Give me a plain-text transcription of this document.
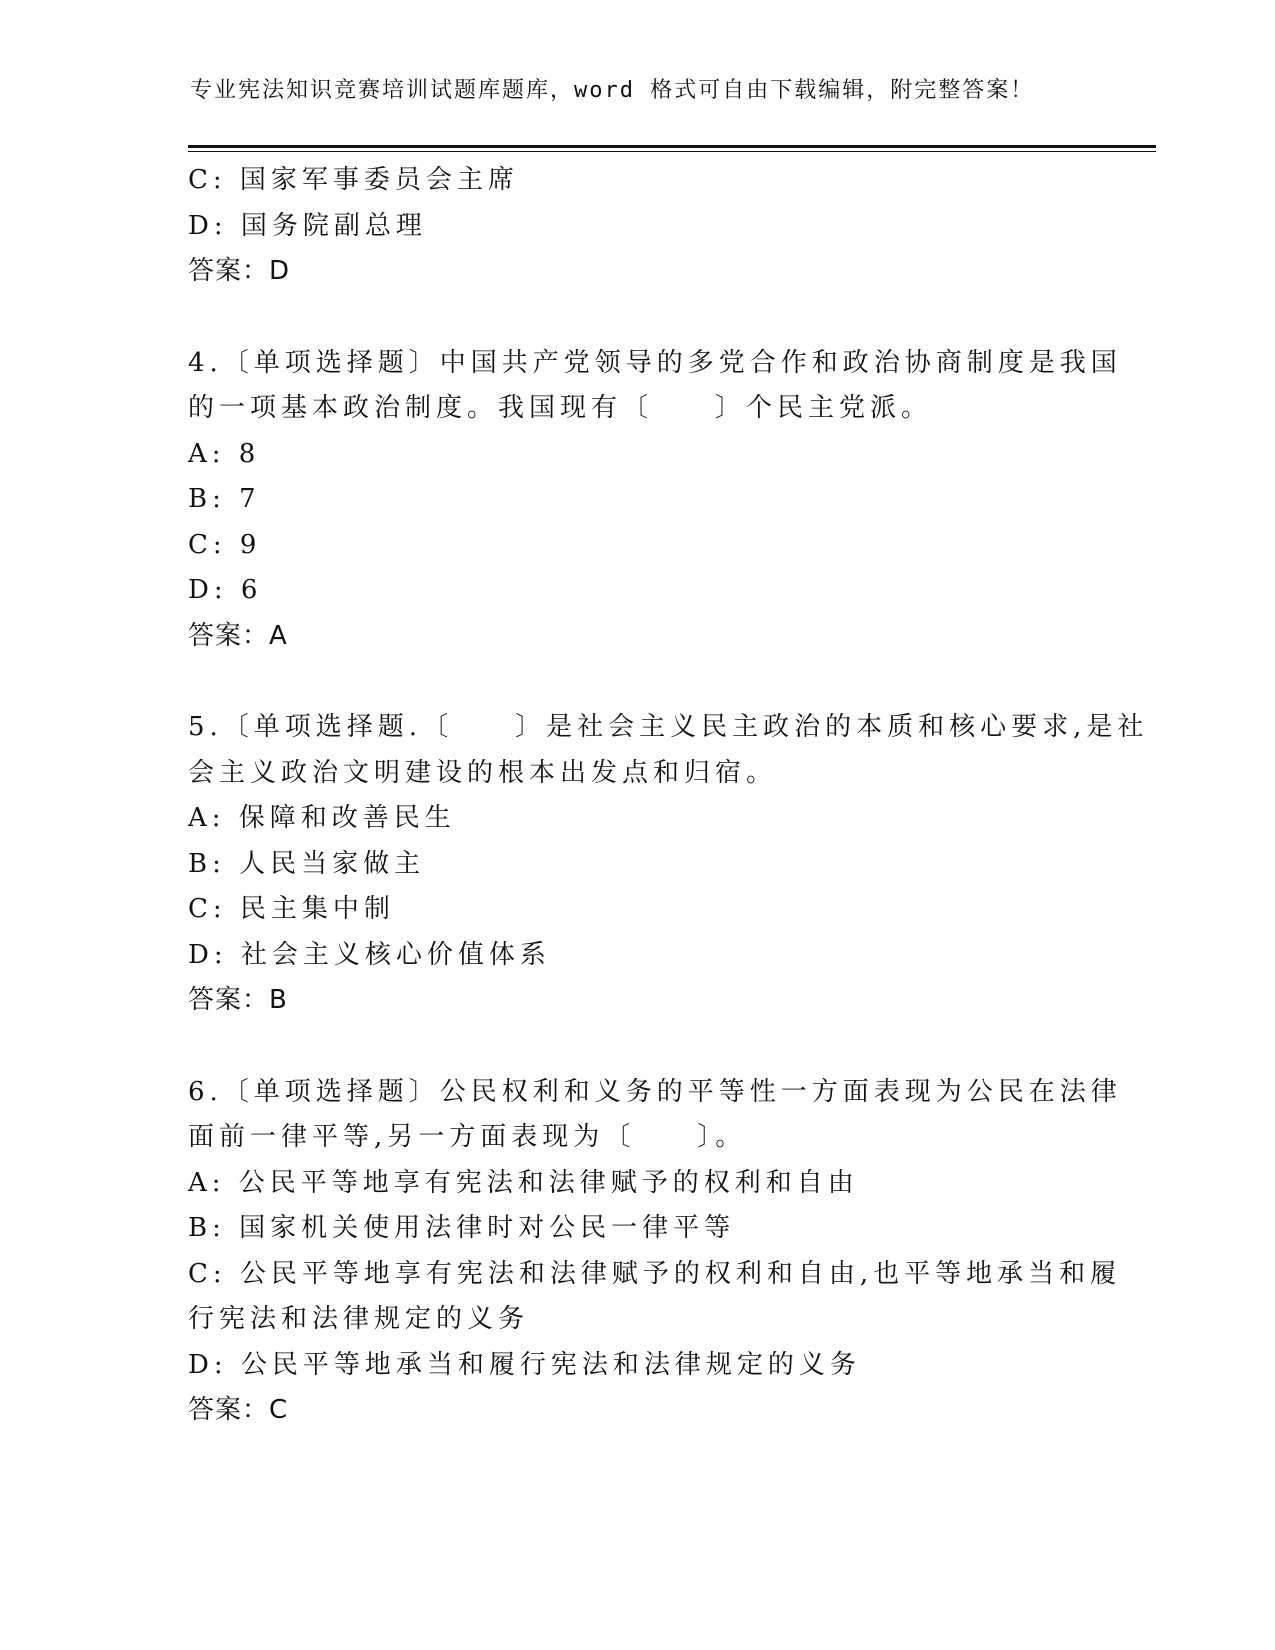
专业宪法知识竞赛培训试题库题库，word 格式可自由下载编辑，附完整答案！
C: 国家军事委员会主席
D: 国务院副总理
答案：D
4.〔单项选择题〕中国共产党领导的多党合作和政治协商制度是我国
的一项基本政治制度。我国现有〔　　〕个民主党派。
A: 8
B: 7
C: 9
D: 6
答案：A
5.〔单项选择题.〔　　〕是社会主义民主政治的本质和核心要求,是社
会主义政治文明建设的根本出发点和归宿。
A: 保障和改善民生
B: 人民当家做主
C: 民主集中制
D: 社会主义核心价值体系
答案：B
6.〔单项选择题〕公民权利和义务的平等性一方面表现为公民在法律
面前一律平等,另一方面表现为〔　　〕。
A: 公民平等地享有宪法和法律赋予的权利和自由
B: 国家机关使用法律时对公民一律平等
C: 公民平等地享有宪法和法律赋予的权利和自由,也平等地承当和履
行宪法和法律规定的义务
D: 公民平等地承当和履行宪法和法律规定的义务
答案：C
